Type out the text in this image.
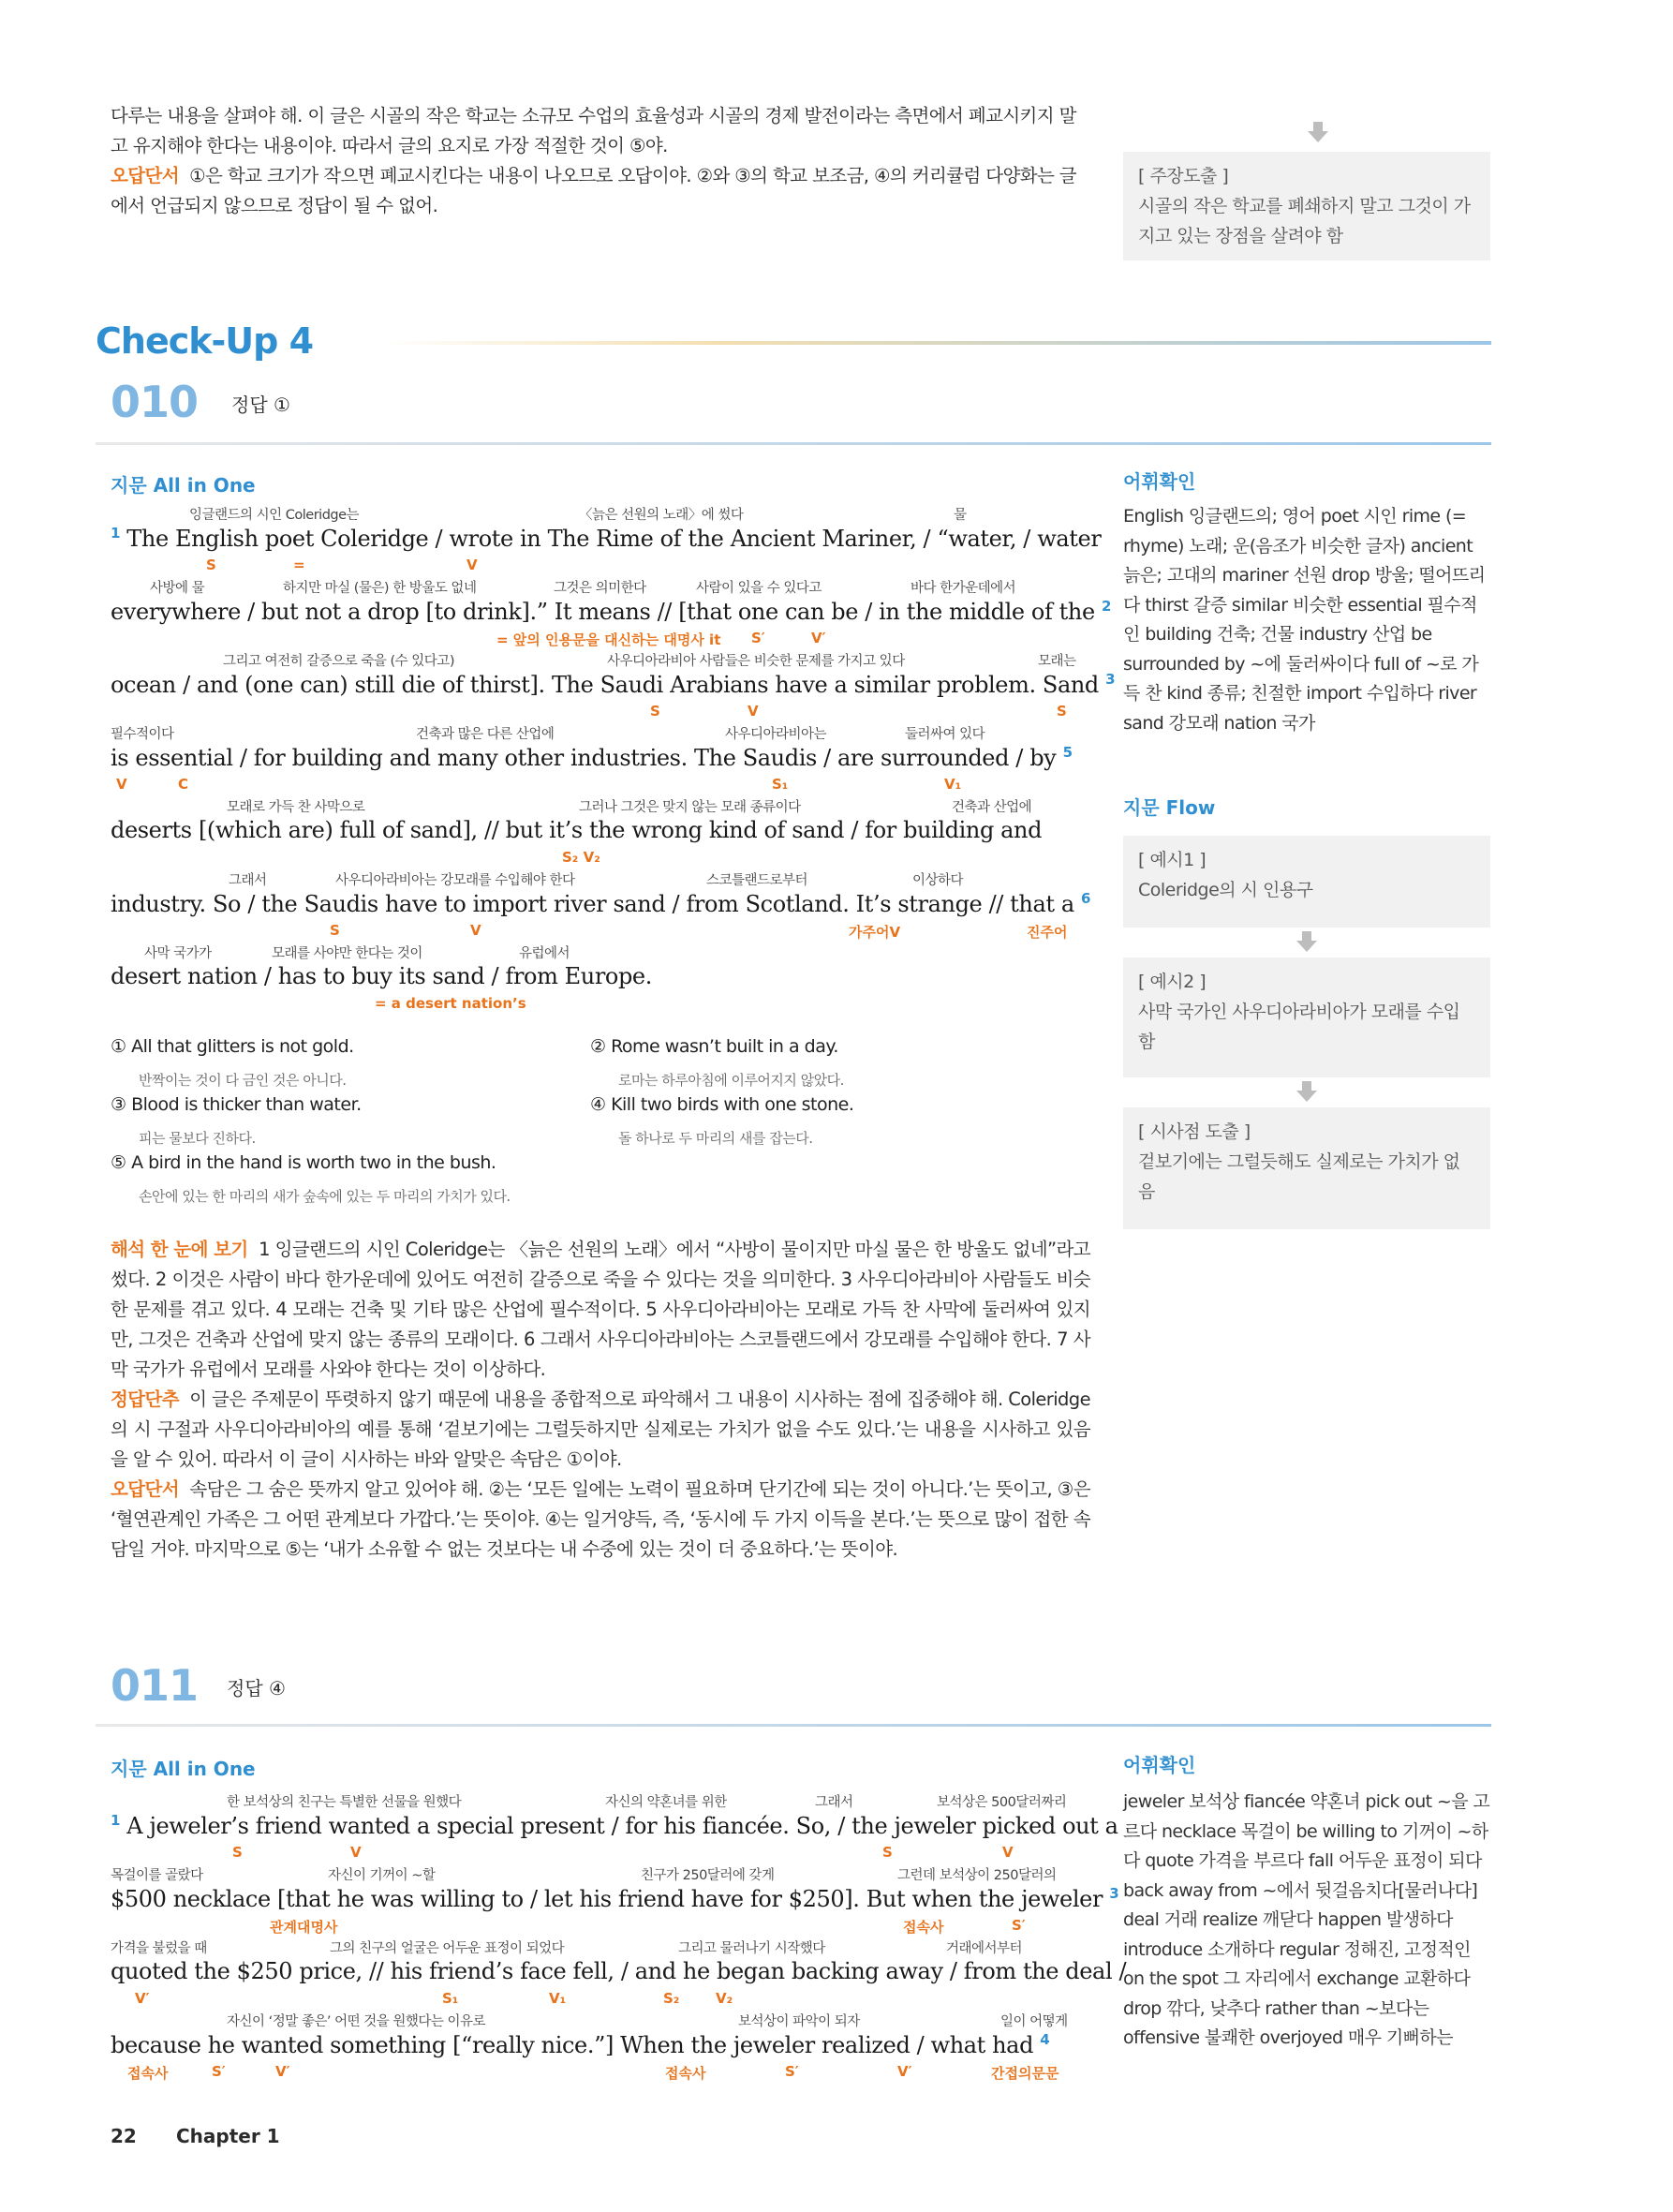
다루는 내용을 살펴야 해. 이 글은 시골의 작은 학교는 소규모 수업의 효율성과 시골의 경제 발전이라는 측면에서 폐교시키지 말고 유지해야 한다는 내용이야. 따라서 글의 요지로 가장 적절한 것이 ⑤야.
오답단서 ①은 학교 크기가 작으면 폐교시킨다는 내용이 나오므로 오답이야. ②와 ③의 학교 보조금, ④의 커리큘럼 다양화는 글에서 언급되지 않으므로 정답이 될 수 없어.
[ 주장도출 ]
시골의 작은 학교를 폐쇄하지 말고 그것이 가지고 있는 장점을 살려야 함
Check-Up 4
010 정답 ①
지문 All in One	어휘확인
잉글랜드의 시인 Coleridge는	〈늙은 선원의 노래〉에 썼다	물
$^1$ The English poet Coleridge / wrote in The Rime of the Ancient Mariner, / “water, / water
S	=	V
사방에 물	하지만 마실 (물은) 한 방울도 없네	그것은 의미한다	사람이 있을 수 있다고	바다 한가운데에서
everywhere / but not a drop [to drink].” It means // [that one can be / in the middle of the $^2$
= 앞의 인용문을 대신하는 대명사 it S′	V′
그리고 여전히 갈증으로 죽을 (수 있다고)	사우디아라비아 사람들은 비슷한 문제를 가지고 있다	모래는
ocean / and (one can) still die of thirst]. The Saudi Arabians have a similar problem. Sand $^3$
S	V	S
필수적이다	건축과 많은 다른 산업에	사우디아라비아는	둘러싸여 있다
is essential / for building and many other industries. The Saudis / are surrounded / by $^5$
V	C	S₁	V₁
모래로 가득 찬 사막으로	그러나 그것은 맞지 않는 모래 종류이다	건축과 산업에
deserts [(which are) full of sand], // but it’s the wrong kind of sand / for building and
S₂ V₂
그래서	사우디아라비아는 강모래를 수입해야 한다	스코틀랜드로부터	이상하다
industry. So / the Saudis have to import river sand / from Scotland. It’s strange // that a $^6$
S	V	가주어V	진주어
사막 국가가	모래를 사야만 한다는 것이	유럽에서
desert nation / has to buy its sand / from Europe.
= a desert nation’s
① All that glitters is not gold.
반짝이는 것이 다 금인 것은 아니다.
② Rome wasn’t built in a day.
로마는 하루아침에 이루어지지 않았다.
③ Blood is thicker than water.
피는 물보다 진하다.
④ Kill two birds with one stone.
돌 하나로 두 마리의 새를 잡는다.
⑤ A bird in the hand is worth two in the bush.
손안에 있는 한 마리의 새가 숲속에 있는 두 마리의 가치가 있다.
해석 한 눈에 보기 1 잉글랜드의 시인 Coleridge는 〈늙은 선원의 노래〉에서 “사방이 물이지만 마실 물은 한 방울도 없네”라고 썼다. 2 이것은 사람이 바다 한가운데에 있어도 여전히 갈증으로 죽을 수 있다는 것을 의미한다. 3 사우디아라비아 사람들도 비슷한 문제를 겪고 있다. 4 모래는 건축 및 기타 많은 산업에 필수적이다. 5 사우디아라비아는 모래로 가득 찬 사막에 둘러싸여 있지만, 그것은 건축과 산업에 맞지 않는 종류의 모래이다. 6 그래서 사우디아라비아는 스코틀랜드에서 강모래를 수입해야 한다. 7 사막 국가가 유럽에서 모래를 사와야 한다는 것이 이상하다.
정답단추 이 글은 주제문이 뚜렷하지 않기 때문에 내용을 종합적으로 파악해서 그 내용이 시사하는 점에 집중해야 해. Coleridge의 시 구절과 사우디아라비아의 예를 통해 ‘겉보기에는 그럴듯하지만 실제로는 가치가 없을 수도 있다.’는 내용을 시사하고 있음을 알 수 있어. 따라서 이 글이 시사하는 바와 알맞은 속담은 ①이야.
오답단서 속담은 그 숨은 뜻까지 알고 있어야 해. ②는 ‘모든 일에는 노력이 필요하며 단기간에 되는 것이 아니다.’는 뜻이고, ③은 ‘혈연관계인 가족은 그 어떤 관계보다 가깝다.’는 뜻이야. ④는 일거양득, 즉, ‘동시에 두 가지 이득을 본다.’는 뜻으로 많이 접한 속담일 거야. 마지막으로 ⑤는 ‘내가 소유할 수 없는 것보다는 내 수중에 있는 것이 더 중요하다.’는 뜻이야.
English 잉글랜드의; 영어 poet 시인 rime (= rhyme) 노래; 운(음조가 비슷한 글자) ancient 늙은; 고대의 mariner 선원 drop 방울; 떨어뜨리다 thirst 갈증 similar 비슷한 essential 필수적인 building 건축; 건물 industry 산업 be surrounded by ~에 둘러싸이다 full of ~로 가득 찬 kind 종류; 친절한 import 수입하다 river sand 강모래 nation 국가
지문 Flow
[ 예시1 ]
Coleridge의 시 인용구
[ 예시2 ]
사막 국가인 사우디아라비아가 모래를 수입함
[ 시사점 도출 ]
겉보기에는 그럴듯해도 실제로는 가치가 없음
011 정답 ④
지문 All in One	어휘확인
한 보석상의 친구는 특별한 선물을 원했다	자신의 약혼녀를 위한	그래서	보석상은 500달러짜리
$^1$ A jeweler’s friend wanted a special present / for his fiancée. So, / the jeweler picked out a
S	V	S	V
목걸이를 골랐다	자신이 기꺼이 ~할	친구가 250달러에 갖게	그런데 보석상이 250달러의
$500 necklace [that he was willing to / let his friend have for $250]. But when the jeweler $^3$
관계대명사	접속사	S′
가격을 불렀을 때	그의 친구의 얼굴은 어두운 표정이 되었다	그리고 물러나기 시작했다	거래에서부터
quoted the $250 price, // his friend’s face fell, / and he began backing away / from the deal /
V′	S₁	V₁	S₂	V₂
자신이 ‘정말 좋은’ 어떤 것을 원했다는 이유로	보석상이 파악이 되자	일이 어떻게
because he wanted something [“really nice.”] When the jeweler realized / what had $^4$
접속사	S′	V′	접속사	S′	V′	간접의문문
jeweler 보석상 fiancée 약혼녀 pick out ~을 고르다 necklace 목걸이 be willing to 기꺼이 ~하다 quote 가격을 부르다 fall 어두운 표정이 되다 back away from ~에서 뒷걸음치다[물러나다] deal 거래 realize 깨닫다 happen 발생하다 introduce 소개하다 regular 정해진, 고정적인 on the spot 그 자리에서 exchange 교환하다 drop 깎다, 낮추다 rather than ~보다는 offensive 불쾌한 overjoyed 매우 기뻐하는
22 Chapter 1
